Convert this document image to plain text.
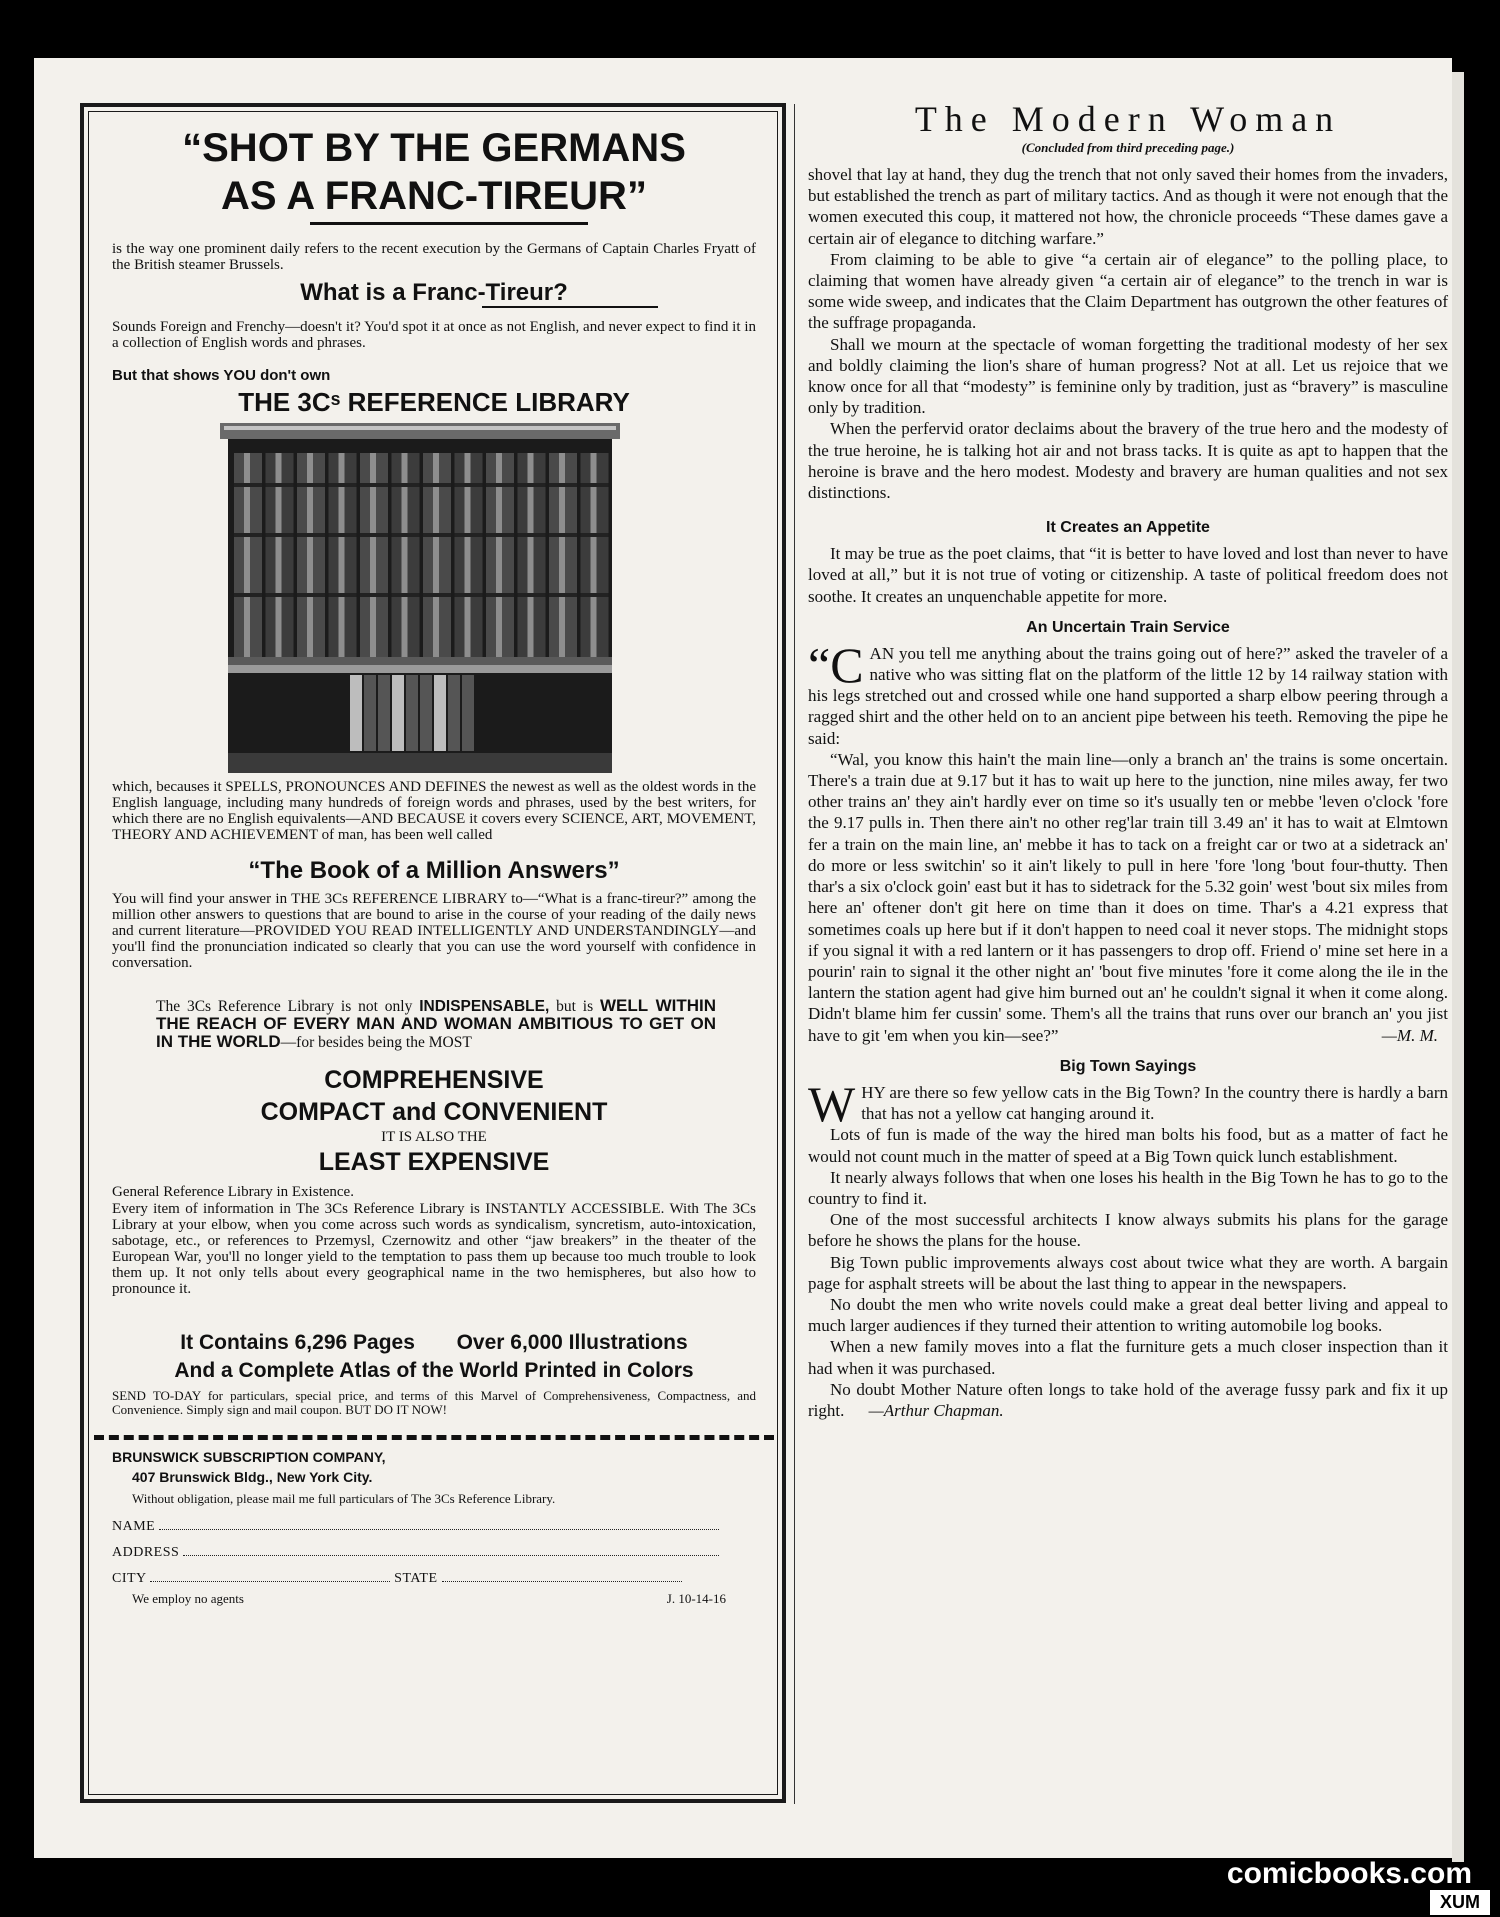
“SHOT BY THE GERMANS
AS A FRANC-TIREUR”
is the way one prominent daily refers to the recent execution by the Germans of Captain Charles Fryatt of the British steamer Brussels.
What is a Franc-Tireur?
Sounds Foreign and Frenchy—doesn't it? You'd spot it at once as not English, and never expect to find it in a collection of English words and phrases.
But that shows YOU don't own
THE 3Cˢ REFERENCE LIBRARY
which, becauses it SPELLS, PRONOUNCES AND DEFINES the newest as well as the oldest words in the English language, including many hundreds of foreign words and phrases, used by the best writers, for which there are no English equivalents—AND BECAUSE it covers every SCIENCE, ART, MOVEMENT, THEORY AND ACHIEVEMENT of man, has been well called
“The Book of a Million Answers”
You will find your answer in THE 3Cs REFERENCE LIBRARY to—“What is a franc-tireur?” among the million other answers to questions that are bound to arise in the course of your reading of the daily news and current literature—PROVIDED YOU READ INTELLIGENTLY AND UNDERSTANDINGLY—and you'll find the pronunciation indicated so clearly that you can use the word yourself with confidence in conversation.
The 3Cs Reference Library is not only INDISPENSABLE, but is WELL WITHIN THE REACH OF EVERY MAN AND WOMAN AMBITIOUS TO GET ON IN THE WORLD—for besides being the MOST
COMPREHENSIVE
COMPACT and CONVENIENT
IT IS ALSO THE
LEAST EXPENSIVE
General Reference Library in Existence.
Every item of information in The 3Cs Reference Library is INSTANTLY ACCESSIBLE. With The 3Cs Library at your elbow, when you come across such words as syndicalism, syncretism, auto-intoxication, sabotage, etc., or references to Przemysl, Czernowitz and other “jaw breakers” in the theater of the European War, you'll no longer yield to the temptation to pass them up because too much trouble to look them up. It not only tells about every geographical name in the two hemispheres, but also how to pronounce it.
It Contains 6,296 Pages Over 6,000 Illustrations
And a Complete Atlas of the World Printed in Colors
SEND TO-DAY for particulars, special price, and terms of this Marvel of Comprehensiveness, Compactness, and Convenience. Simply sign and mail coupon. BUT DO IT NOW!
BRUNSWICK SUBSCRIPTION COMPANY,
407 Brunswick Bldg., New York City.
Without obligation, please mail me full particulars of The 3Cs Reference Library.
NAME
ADDRESS
CITY	STATE
We employ no agents	J. 10-14-16
The Modern Woman
(Concluded from third preceding page.)

shovel that lay at hand, they dug the trench that not only saved their homes from the invaders, but established the trench as part of military tactics. And as though it were not enough that the women executed this coup, it mattered not how, the chronicle proceeds “These dames gave a certain air of elegance to ditching warfare.”

From claiming to be able to give “a certain air of elegance” to the polling place, to claiming that women have already given “a certain air of elegance” to the trench in war is some wide sweep, and indicates that the Claim Department has outgrown the other features of the suffrage propaganda.

Shall we mourn at the spectacle of woman forgetting the traditional modesty of her sex and boldly claiming the lion's share of human progress? Not at all. Let us rejoice that we know once for all that “modesty” is feminine only by tradition, just as “bravery” is masculine only by tradition.

When the perfervid orator declaims about the bravery of the true hero and the modesty of the true heroine, he is talking hot air and not brass tacks. It is quite as apt to happen that the heroine is brave and the hero modest. Modesty and bravery are human qualities and not sex distinctions.

It Creates an Appetite

It may be true as the poet claims, that “it is better to have loved and lost than never to have loved at all,” but it is not true of voting or citizenship. A taste of political freedom does not soothe. It creates an unquenchable appetite for more.

An Uncertain Train Service
“CAN you tell me anything about the trains going out of here?” asked the traveler of a native who was sitting flat on the platform of the little 12 by 14 railway station with his legs stretched out and crossed while one hand supported a sharp elbow peering through a ragged shirt and the other held on to an ancient pipe between his teeth. Removing the pipe he said:

“Wal, you know this hain't the main line—only a branch an' the trains is some oncertain. There's a train due at 9.17 but it has to wait up here to the junction, nine miles away, fer two other trains an' they ain't hardly ever on time so it's usually ten or mebbe 'leven o'clock 'fore the 9.17 pulls in. Then there ain't no other reg'lar train till 3.49 an' it has to wait at Elmtown fer a train on the main line, an' mebbe it has to tack on a freight car or two at a sidetrack an' do more or less switchin' so it ain't likely to pull in here 'fore 'long 'bout four-thutty. Then thar's a six o'clock goin' east but it has to sidetrack for the 5.32 goin' west 'bout six miles from here an' oftener don't git here on time than it does on time. Thar's a 4.21 express that sometimes coals up here but if it don't happen to need coal it never stops. The midnight stops if you signal it with a red lantern or it has passengers to drop off. Friend o' mine set here in a pourin' rain to signal it the other night an' 'bout five minutes 'fore it come along the ile in the lantern the station agent had give him burned out an' he couldn't signal it when it come along. Didn't blame him fer cussin' some. Them's all the trains that runs over our branch an' you jist have to git 'em when you kin—see?”	—M. M.
Big Town Sayings
WHY are there so few yellow cats in the Big Town? In the country there is hardly a barn that has not a yellow cat hanging around it.

Lots of fun is made of the way the hired man bolts his food, but as a matter of fact he would not count much in the matter of speed at a Big Town quick lunch establishment.

It nearly always follows that when one loses his health in the Big Town he has to go to the country to find it.

One of the most successful architects I know always submits his plans for the garage before he shows the plans for the house.

Big Town public improvements always cost about twice what they are worth. A bargain page for asphalt streets will be about the last thing to appear in the newspapers.

No doubt the men who write novels could make a great deal better living and appeal to much larger audiences if they turned their attention to writing automobile log books.

When a new family moves into a flat the furniture gets a much closer inspection than it had when it was purchased.

No doubt Mother Nature often longs to take hold of the average fussy park and fix it up right. —Arthur Chapman.

comicbooks.com
XUM
